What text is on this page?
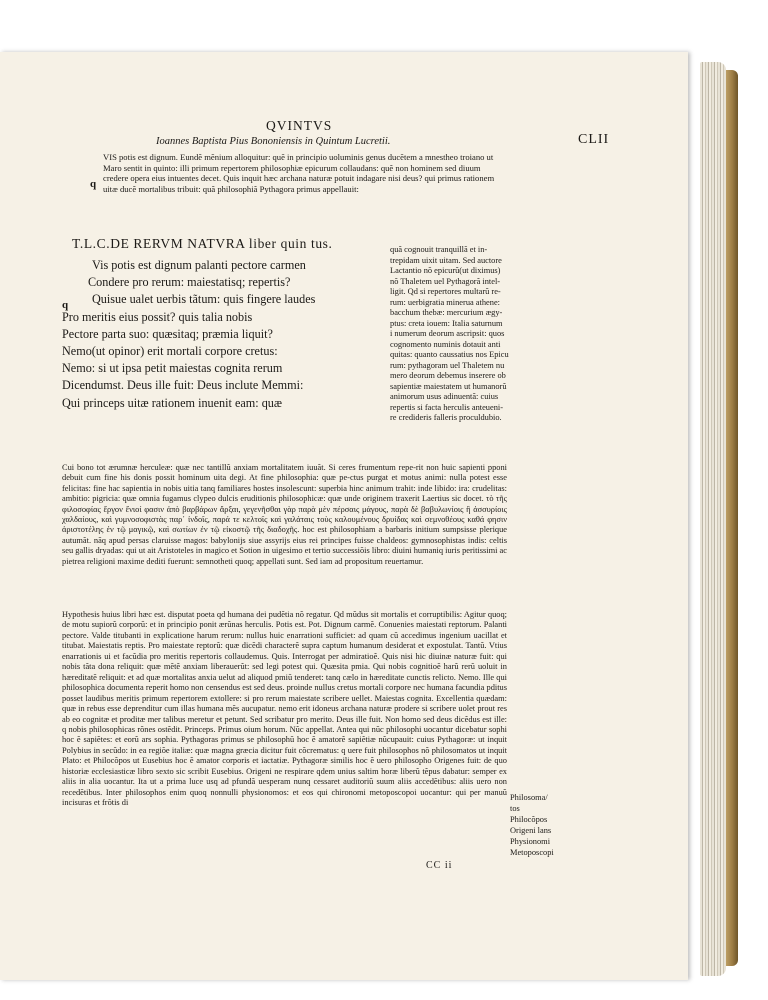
QVINTVS
CLII
Ioannes Baptista Pius Bononiensis in Quintum Lucretii.
q

VIS potis est dignum. Eundẽ mẽnium alloquitur: quẽ in principio uoluminis genus ducẽtem a mnestheo troiano ut Maro sentit in quinto: illi primum repertorem philosophiæ epicurum collaudans: quẽ non hominem sed diuum credere opera eius intuentes decet. Quis inquit hæc archana naturæ potuit indagare nisi deus? qui primus rationem uitæ ducẽ mortalibus tribuit: quã philosophiã Pythagora primus appellauit:

T.L.C.DE RERVM NATVRA liber quin tus.
q
Vis potis est dignum palanti pectore carmen
Condere pro rerum: maiestatisq; repertis?
Quisue ualet uerbis tãtum: quis fingere laudes
Pro meritis eius possit? quis talia nobis
Pectore parta suo: quæsitaq; præmia liquit?
Nemo(ut opinor) erit mortali corpore cretus:
Nemo: si ut ipsa petit maiestas cognita rerum
Dicendumst. Deus ille fuit: Deus inclute Memmi:
Qui princeps uitæ rationem inuenit eam: quæ
quã cognouit tranquillã et in-
trepidam uixit uitam. Sed auctore
Lactantio nõ epicurũ(ut diximus)
nõ Thaletem uel Pythagorã intel-
ligit. Qd si repertores multarũ re-
rum: uerbigratia minerua athene:
bacchum thebæ: mercurium ægy-
ptus: creta iouem: Italia saturnum
i numerum deorum ascripsit: quos
cognomento numinis dotauit anti
quitas: quanto caussatius nos Epicu
rum: pythagoram uel Thaletem nu
mero deorum debemus inserere ob
sapientiæ maiestatem ut humanorũ
animorum usus adinuentã: cuius
repertis si facta herculis anteueni-
re credideris falleris proculdubio.

Cui bono tot ærumnæ herculeæ: quæ nec tantillũ anxiam mortalitatem iuuãt. Si ceres frumentum repe-rit non huic sapienti pponi debuit cum fine his donis possit hominum uita degi. At fine philosophia: quæ pe-ctus purgat et motus animi: nulla potest esse felicitas: fine hac sapientia in nobis uitia tanq familiares hostes insolescunt: superbia hinc animum trahit: inde libido: ira: crudelitas: ambitio: pigricia: quæ omnia fugamus clypeo dulcis eruditionis philosophicæ: quæ unde originem traxerit Laertius sic docet. τὸ τῆς φιλοσοφίας ἔργον ἔνιοί φασιν ἀπὸ βαρβάρων ἄρξαι, γεγενῆσθαι γὰρ παρὰ μὲν πέρσαις μάγους, παρὰ δὲ βαβυλωνίοις ἢ ἀσσυρίοις χαλδαίους, καὶ γυμνοσοφιστὰς παρ᾽ ἰνδοῖς, παρά τε κελτοῖς καὶ γαλάταις τοὺς καλουμένους δρυίδας καὶ σεμνοθέους καθά φησιν ἀριστοτέλης ἐν τῷ μαγικῷ, καὶ σωτίων ἐν τῷ εἰκοστῷ τῆς διαδοχῆς. hoc est philosophiam a barbaris initium sumpsisse plerique autumãt. nãq apud persas claruisse magos: babylonijs siue assyrijs eius rei principes fuisse chaldeos: gymnosophistas indis: celtis seu gallis dryadas: qui ut ait Aristoteles in magico et Sotion in uigesimo et tertio successiõis libro: diuini humaniq iuris peritissimi ac pietrea religioni maxime dediti fuerunt: semnotheti quoq; appellati sunt. Sed iam ad propositum reuertamur.

Hypothesis huius libri hæc est. disputat poeta qd humana dei pudẽtia nõ regatur. Qd mũdus sit mortalis et corruptibilis: Agitur quoq; de motu supiorũ corporũ: et in principio ponit ærũnas herculis. Potis est. Pot. Dignum carmẽ. Conuenies maiestati reptorum. Palanti pectore. Valde titubanti in explicatione harum rerum: nullus huic enarrationi sufficiet: ad quam cũ accedimus ingenium uacillat et titubat. Maiestatis reptis. Pro maiestate reptorũ: quæ dicẽdi characterẽ supra captum humanum desiderat et expostulat. Tantũ. Vtius enarrationis ui et facũdia pro meritis repertoris collaudemus. Quis. Interrogat per admiratioẽ. Quis nisi hic diuinæ naturæ fuit: qui nobis tãta dona reliquit: quæ mẽtẽ anxiam liberauerũt: sed legi potest qui. Quæsita pmia. Qui nobis cognitioẽ harũ rerũ uoluit in hæreditatẽ reliquit: et ad quæ mortalitas anxia uelut ad aliquod pmiũ tenderet: tanq cælo in hæreditate cunctis relicto. Nemo. Ille qui philosophica documenta reperit homo non censendus est sed deus. proinde nullus cretus mortali corpore nec humana facundia pditus posset laudibus meritis primum repertorem extollere: si pro rerum maiestate scribere uellet. Maiestas cognita. Excellentia quædam: quæ in rebus esse deprenditur cum illas humana mẽs aucupatur. nemo erit idoneus archana naturæ prodere si scribere uolet prout res ab eo cognitæ et proditæ mer talibus meretur et petunt. Sed scribatur pro merito. Deus ille fuit. Non homo sed deus dicẽdus est ille: q nobis philosophicas rõnes ostẽdit. Princeps. Primus oium horum. Nũc appellat. Antea qui nũc philosophi uocantur dicebatur sophi hoc ẽ sapiẽtes: et eorũ ars sophia. Pythagoras primus se philosophũ hoc ẽ amatorẽ sapiẽtiæ nũcupauit: cuius Pythagoræ: ut inquit Polybius in secũdo: in ea regiõe italiæ: quæ magna græcia dicitur fuit cõcrematus: q uere fuit philosophos nõ philosomatos ut inquit Plato: et Philocõpos ut Eusebius hoc ẽ amator corporis et iactatiæ. Pythagoræ similis hoc ẽ uero philosopho Origenes fuit: de quo historiæ ecclesiasticæ libro sexto sic scribit Eusebius. Origeni ne respirare qdem unius saltim horæ liberũ tẽpus dabatur: semper ex aliis in alia uocantur. Ita ut a prima luce usq ad pfundã uesperam nunq cessaret auditoriũ suum aliis accedẽtibus: aliis uero non recedẽtibus. Inter philosophos enim quoq nonnulli physionomos: et eos qui chironomi metoposcopoi uocantur: qui per manuũ incisuras et frõtis di

Philosoma/
tos
Philocõpos
Origeni lans
Physionomi
Metoposcopi
CC ii
